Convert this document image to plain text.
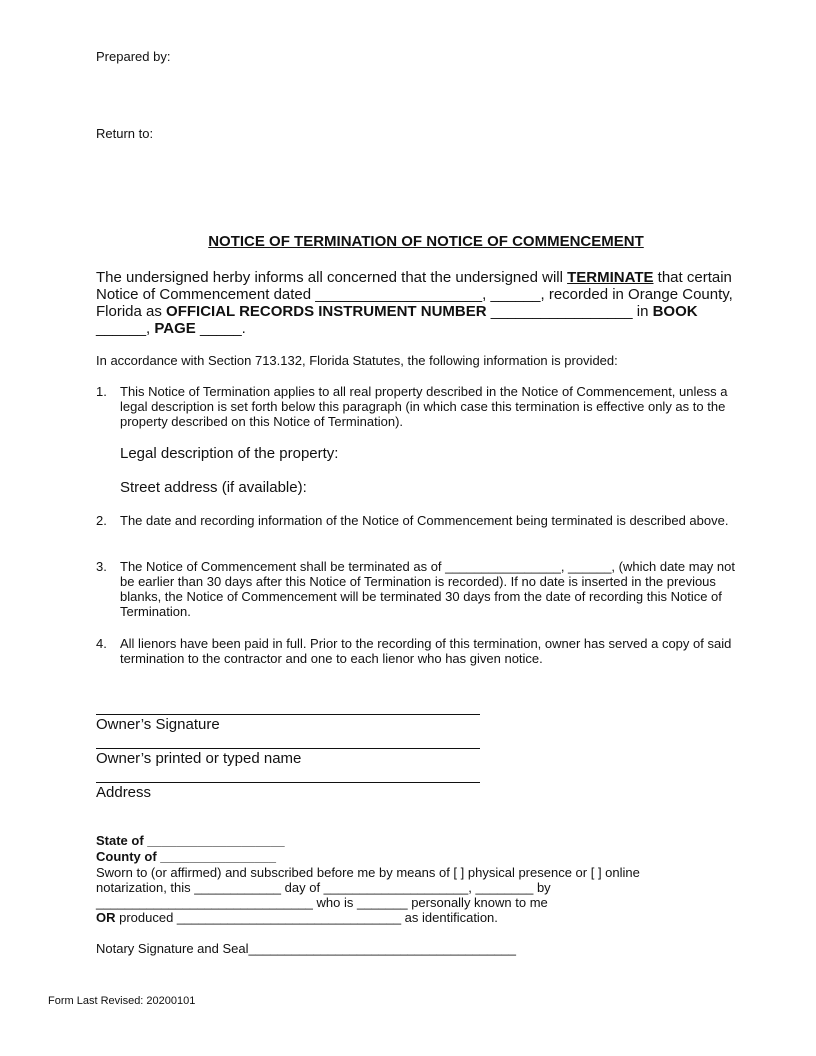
Prepared by:
Return to:
NOTICE OF TERMINATION OF NOTICE OF COMMENCEMENT
The undersigned herby informs all concerned that the undersigned will TERMINATE that certain Notice of Commencement dated ____________________, ______, recorded in Orange County, Florida as OFFICIAL RECORDS INSTRUMENT NUMBER _________________ in BOOK ______, PAGE _____.
In accordance with Section 713.132, Florida Statutes, the following information is provided:
1. This Notice of Termination applies to all real property described in the Notice of Commencement, unless a legal description is set forth below this paragraph (in which case this termination is effective only as to the property described on this Notice of Termination).
Legal description of the property:
Street address (if available):
2. The date and recording information of the Notice of Commencement being terminated is described above.
3. The Notice of Commencement shall be terminated as of ________________, ______, (which date may not be earlier than 30 days after this Notice of Termination is recorded). If no date is inserted in the previous blanks, the Notice of Commencement will be terminated 30 days from the date of recording this Notice of Termination.
4. All lienors have been paid in full. Prior to the recording of this termination, owner has served a copy of said termination to the contractor and one to each lienor who has given notice.
Owner’s Signature
Owner’s printed or typed name
Address
State of ___________________
County of ________________
Sworn to (or affirmed) and subscribed before me by means of [ ] physical presence or [ ] online
notarization, this ____________ day of ____________________, ________ by
______________________________ who is _______ personally known to me
OR produced _______________________________ as identification.
Notary Signature and Seal_____________________________________
Form Last Revised: 20200101
